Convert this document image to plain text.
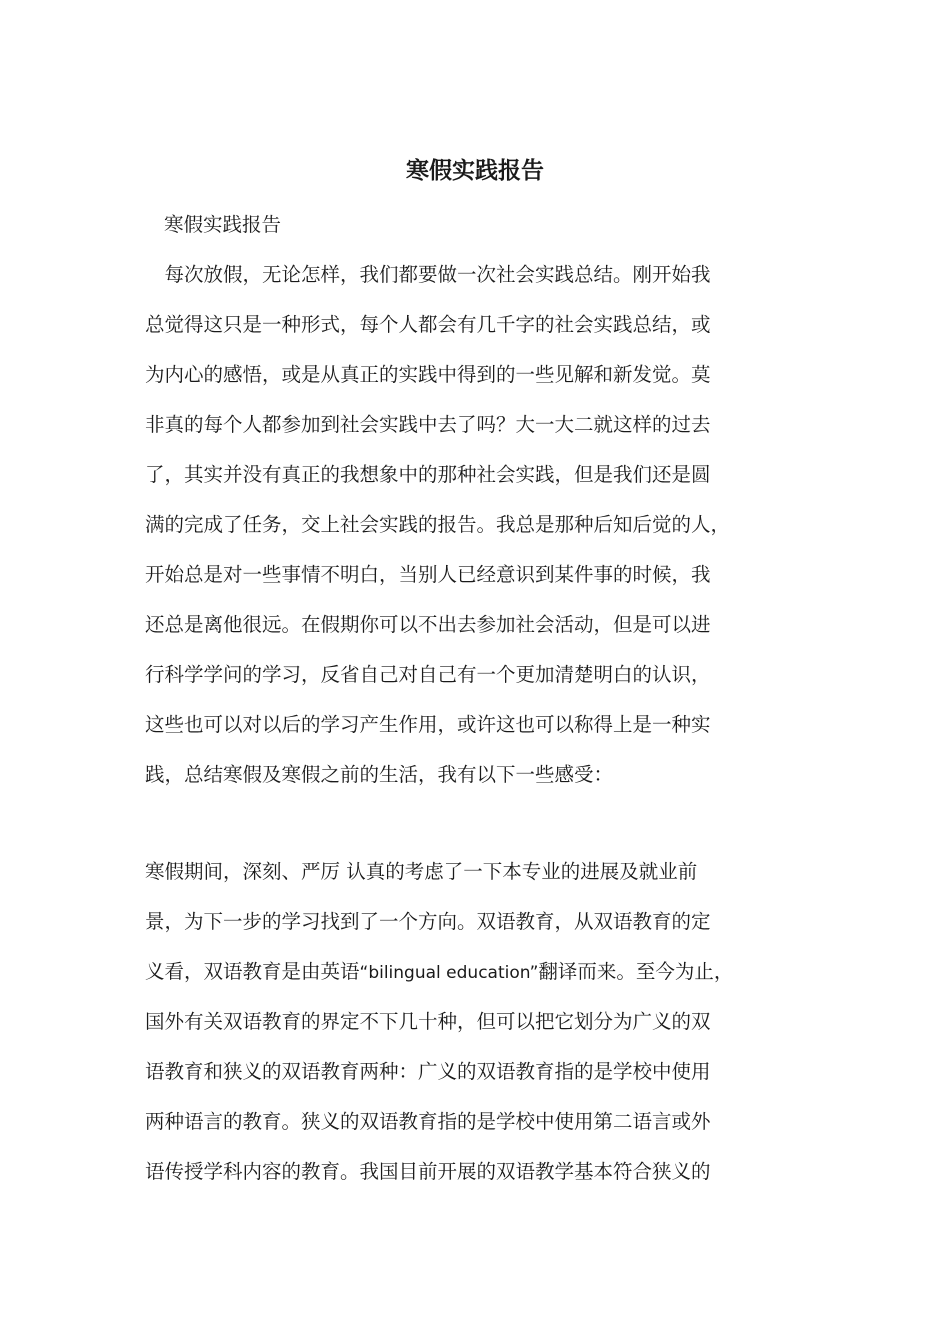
寒假实践报告
寒假实践报告
　每次放假，无论怎样，我们都要做一次社会实践总结。刚开始我
总觉得这只是一种形式，每个人都会有几千字的社会实践总结，或
为内心的感悟，或是从真正的实践中得到的一些见解和新发觉。莫
非真的每个人都参加到社会实践中去了吗？大一大二就这样的过去
了，其实并没有真正的我想象中的那种社会实践，但是我们还是圆
满的完成了任务，交上社会实践的报告。我总是那种后知后觉的人，
开始总是对一些事情不明白，当别人已经意识到某件事的时候，我
还总是离他很远。在假期你可以不出去参加社会活动，但是可以进
行科学学问的学习，反省自己对自己有一个更加清楚明白的认识，
这些也可以对以后的学习产生作用，或许这也可以称得上是一种实
践，总结寒假及寒假之前的生活，我有以下一些感受：
寒假期间，深刻、严厉 认真的考虑了一下本专业的进展及就业前
景，为下一步的学习找到了一个方向。双语教育，从双语教育的定
义看，双语教育是由英语“bilingual education”翻译而来。至今为止，
国外有关双语教育的界定不下几十种，但可以把它划分为广义的双
语教育和狭义的双语教育两种：广义的双语教育指的是学校中使用
两种语言的教育。狭义的双语教育指的是学校中使用第二语言或外
语传授学科内容的教育。我国目前开展的双语教学基本符合狭义的
